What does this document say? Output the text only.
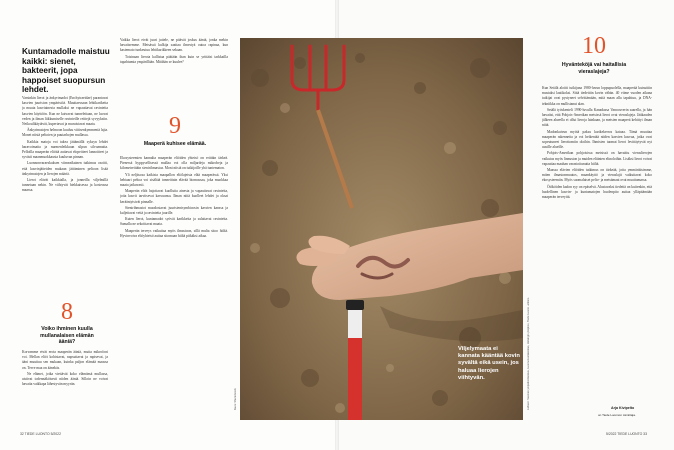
Kuntamadolle maistuu kaikki: sienet, bakteerit, jopa happoiset suopursun lehdet.

Varsinkin lierot ja änkyrimadot (Enchytraeidae) parantavat kasvien juuriston ympäristöä. Muuttaessaan lehtikarikettа ja muuta kasviainesta mullaksi ne vapauttavat ravinteita kasvien käyttöön. Kun ne kaivavat tunneleitaan, ne luovat veden ja ilman liikkumiselle ravinteille reittejä syvyyksiin. Neikoulikäytävät, kupertavat ja muruistavat maata.

Änkyrimatojen helmoon kuuluu viitisenkymmentä lajia. Monet niistä peltoien ja puutarhojen mullassa.

Kaikkia matoja voi tukea jättämällä syksyn lehdet haravoimatta ja nurmenleikkuun silpun silvoamatta. Pelloilla maaperän eliöitä auttavat elopeitteet lannoitteet ja syvästi maanmuokkausta kuuluvan pinnan.

Luonnonvaraeskuksen viimeaikainen tutkimus osoitti, että kasvinjätteiden mukaan jättäminen peltoon lisää änkyrimatojen ja lierojen määriä.

Lierot elävät kaikkialla, ja jonneilla viljelmillä tunnetaan nekin. Ne viihtyvät hiekkaisessa ja kosteassa maassa.

8
Voiko ihminen kuulla mullanalaisen elämän ääniä?

Korvamme eivät erota maaperän ääniä, mutta mikrofoni voi. Mellan eliöt kohistavat, napsuttavat ja rapisevat, ja ääni muuttuu sen mukaan, kuinka paljon elämää maassa on. Terve maa on äänekäs.

Ne elämet, jotka viettävät koko elämänsä mullassa, aistivat todennäköisesti niiden ääniä. Silloin ne voivat havaita vaikkapa lähestyvän myyrän.

Vaikka lierot eivät juuri juttele, ne pitävät joskus ääntä, jonka mekin havaitsemme. Metsässä kulkija saattaa ilmestyä outoa rapinaa, kun kastemato tunkeutuu lehtikarikkeen sekaan.

Toisinaan lierota kallistaa päätään ihan kuin se yrittäisi tarkkailla tapahtumia ympärillään. Mitähän se kuulee?

9
Maaperä kuhisee elämää.

Ekosysteemien kannalta maaperän eliöiden yhteisö on erittäin tärkeä. Pienessä hyppysellisessä mullaa voi olla miljardeja mikrobeja ja kilometreittäin sienirihmastoa. Moni niistä on tutkijoille yhä tuntematon.

Yli neljäsosa kaikista maapallon eliölajeista elää maaperässä. Yksi hehtaari peltoa voi sisältää tonneittain elävää biomassaa, joka muokkaa maata jatkuvasti.

Maaperän eliöt hajottavat kuollutta ainesta ja vapauttavat ravinteita, joita kasvit tarvitsevat kasvuunsa. Ilman niitä kuolleet lehdet ja oksat kerääntyisivät pinnalle.

Sienirihmastot muodostavat juurisienisymbioosin kasvien kanssa ja kuljettavat vettä ja ravinteita juurille.

Kuten lierot, kuntamadot syövät karikkeita ja sulattavat ravinteita. Samalla ne sekoittavat maata.

Maaperän terveys vaikuttaa myös ilmastoon, sillä multa sitoo hiiltä. Hyvinvoiva eliöyhteisö auttaa sitomaan hiiltä pitkäksi aikaa.

Viljelymaata ei kannata kääntää kovin syvältä eikä usein, jos haluaa lierojen viihtyvän.
Kuva: Shutterstock	Lähteet: Suomen ympäristökeskus, Luonnonvarakeskus, Helsingin yliopisto, Tiede Luonto -arkisto
10
Hyvänteköjä vai haitallisia vieraslajeja?

Kun Setälä aloitti tutkijana 1980-luvun loppupuolella, maaperää kutsuttiin mustaksi laatikoksi. Siitä tiedettiin kovin vähän. 40 viime vuoden aikana tutkijat ovat pystyneet selvittämään, mitä maan alla tapahtuu, ja DNA-tekniikka on mullistanut alan.

Setälä työskenteli 1990-luvulla Kanadassa Vancouverin saarella, ja hän havaitsi, että Pohjois-Amerikan metsissä lierot ovat vieraslajeja. Jääkauden jälkeen alueella ei ollut lieroja lainkaan, ja metsien maaperä kehittyi ilman niitä.

Madonkaivun myötä paksu karikekerros katoaa. Tämä muuttaa maaperän rakennetta ja voi heikentää niiden kasvien kasvua, jotka ovat sopeutuneet lierottomiin oloihin. Ihmisten tuomat lierot levittäytyvät nyt uusille alueille.

Pohjois-Amerikan pohjoisissa metsissä on havaittu vieraslierojen vaikutus myös linnuston ja muiden eläinten elinoloihin. Lisäksi lierot voivat vapauttaa maahan varastoitunutta hiiltä.

Maassa elävien eliöiden tutkimus on tärkeää, jotta ymmärtäisimme, miten ilmastonmuutos, maankäyttö ja vieraslajit vaikuttavat koko ekosysteemiin. Myös suomalaiset pelto- ja metsämaat ovat muuttumassa.

Ötököiden kadon syy on epäselvä. Alustavaksi tiedettä on kuitenkin, että huolellinen kasvin- ja kuntamatojen huolenpito auttaa ylläpitämään maaperän terveyttä.

Arja Kivipelto
on Tiede Luonnon toimittaja.
32 TIEDE LUONTO 5/2022	5/2022 TIEDE LUONTO 33
